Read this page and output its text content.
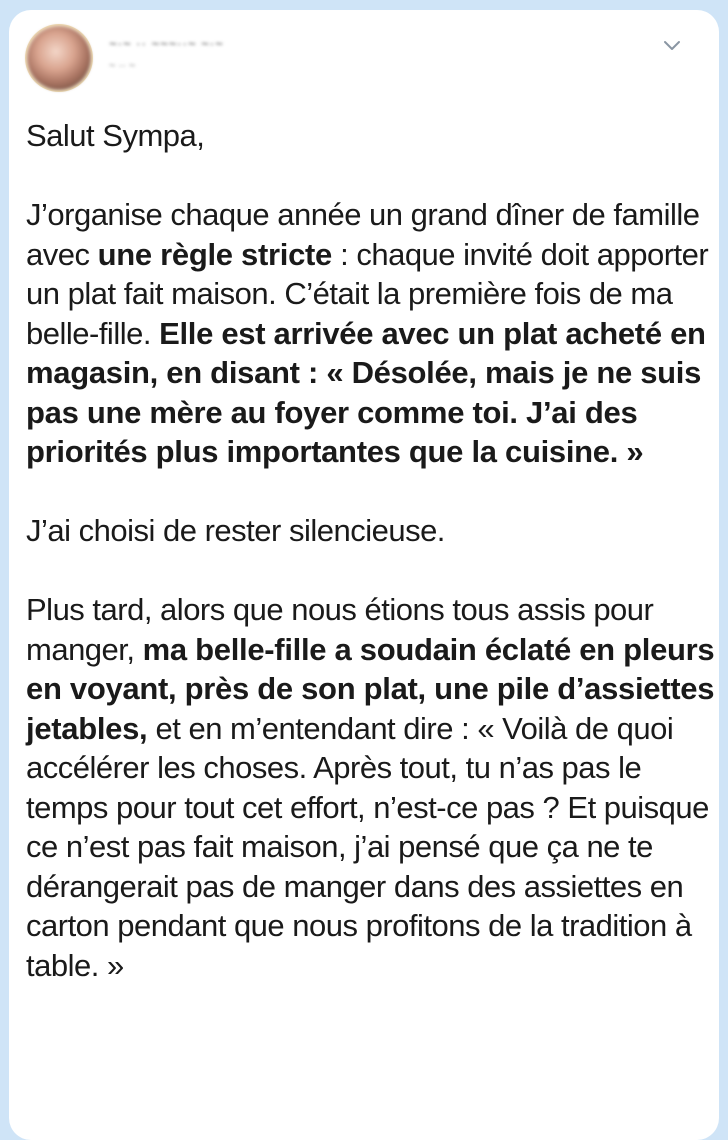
~·~ ·· ~~~··~ ~·~
~ ·· ~

Salut Sympa,

J’organise chaque année un grand dîner de famille avec une règle stricte : chaque invité doit apporter un plat fait maison. C’était la première fois de ma belle-fille. Elle est arrivée avec un plat acheté en magasin, en disant : « Désolée, mais je ne suis pas une mère au foyer comme toi. J’ai des priorités plus importantes que la cuisine. »

J’ai choisi de rester silencieuse.

Plus tard, alors que nous étions tous assis pour manger, ma belle-fille a soudain éclaté en pleurs en voyant, près de son plat, une pile d’assiettes jetables, et en m’entendant dire : « Voilà de quoi accélérer les choses. Après tout, tu n’as pas le temps pour tout cet effort, n’est-ce pas ? Et puisque ce n’est pas fait maison, j’ai pensé que ça ne te dérangerait pas de manger dans des assiettes en carton pendant que nous profitons de la tradition à table. »
